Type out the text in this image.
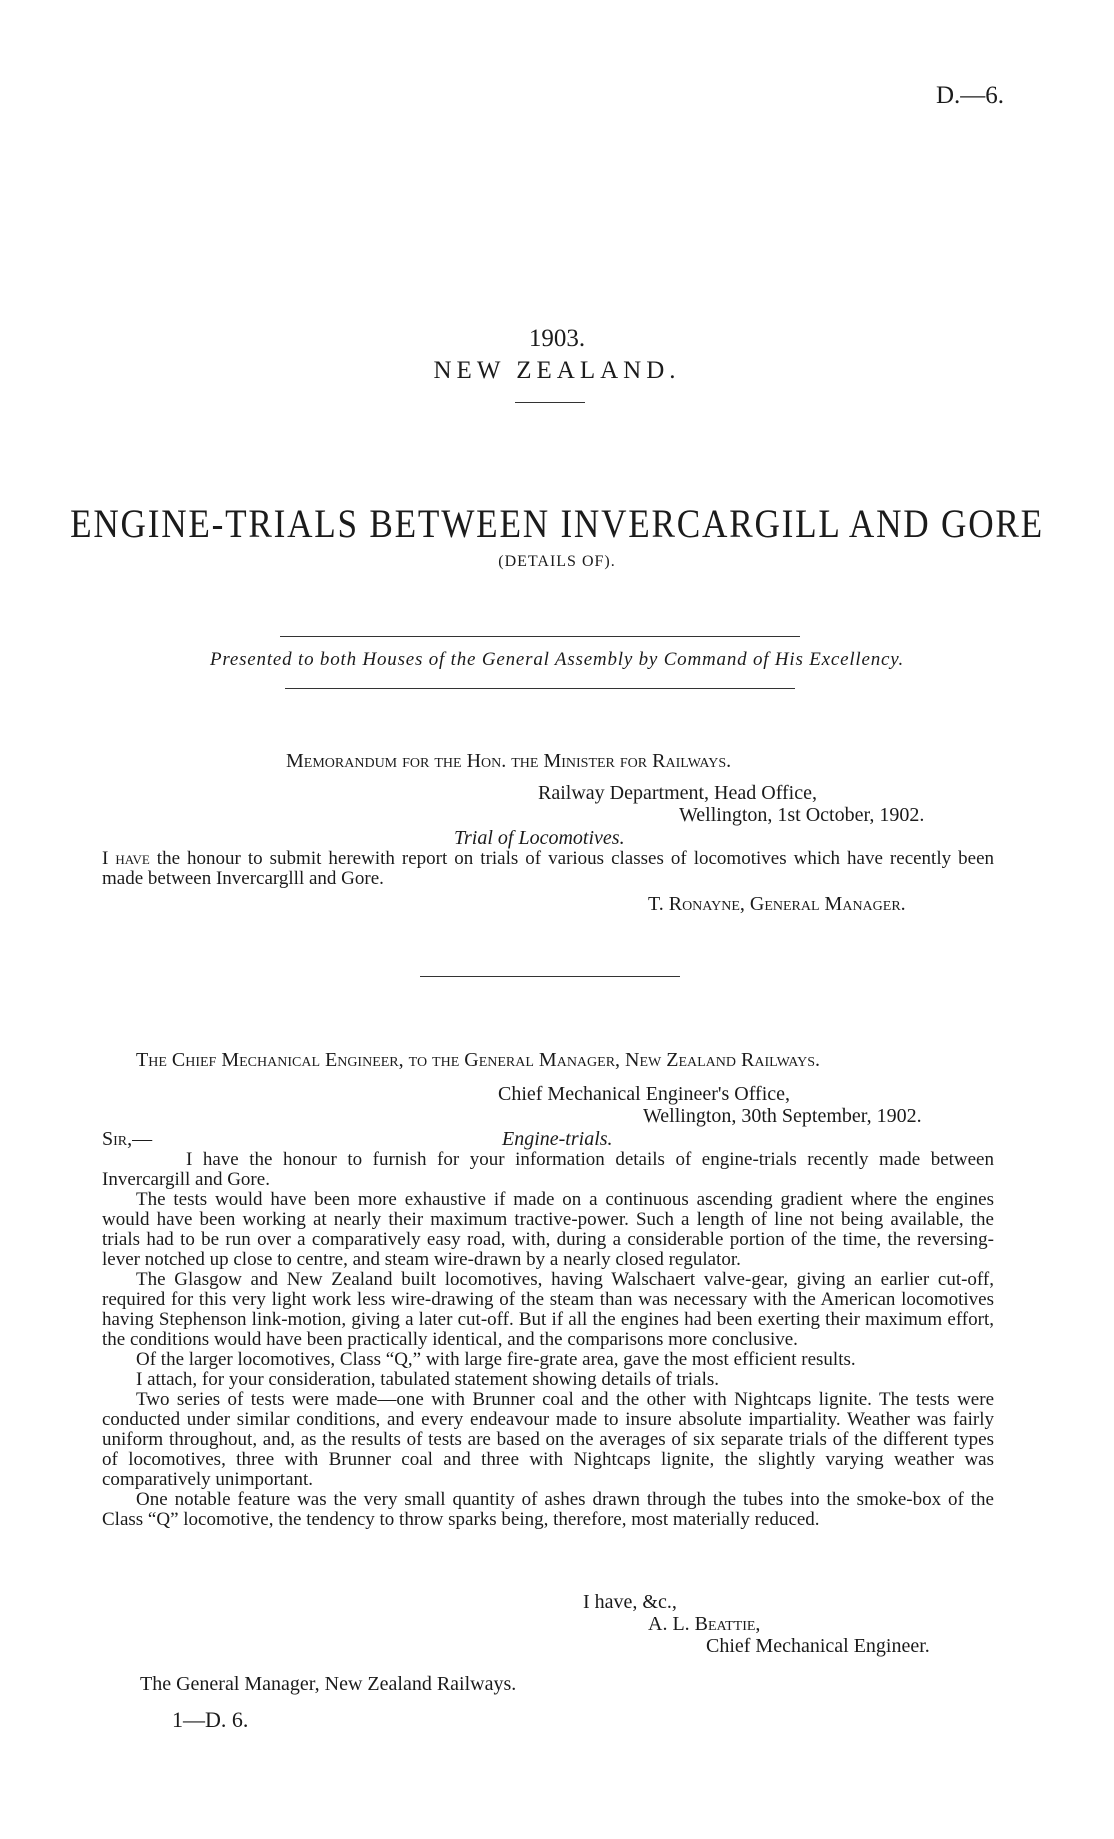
D.—6.
1903.
NEW ZEALAND.
ENGINE-TRIALS BETWEEN INVERCARGILL AND GORE
(DETAILS OF).
Presented to both Houses of the General Assembly by Command of His Excellency.
Memorandum for the Hon. the Minister for Railways.
Railway Department, Head Office,
Wellington, 1st October, 1902.
Trial of Locomotives.

I have the honour to submit herewith report on trials of various classes of locomotives which have recently been made between Invercarglll and Gore.

T. Ronayne, General Manager.
The Chief Mechanical Engineer, to the General Manager, New Zealand Railways.
Chief Mechanical Engineer's Office,
Wellington, 30th September, 1902.
Sir,—	Engine-trials.

I have the honour to furnish for your information details of engine-trials recently made between Invercargill and Gore.

The tests would have been more exhaustive if made on a continuous ascending gradient where the engines would have been working at nearly their maximum tractive-power. Such a length of line not being available, the trials had to be run over a comparatively easy road, with, during a considerable portion of the time, the reversing-lever notched up close to centre, and steam wire-drawn by a nearly closed regulator.

The Glasgow and New Zealand built locomotives, having Walschaert valve-gear, giving an earlier cut-off, required for this very light work less wire-drawing of the steam than was necessary with the American locomotives having Stephenson link-motion, giving a later cut-off. But if all the engines had been exerting their maximum effort, the conditions would have been practically identical, and the comparisons more conclusive.

Of the larger locomotives, Class “Q,” with large fire-grate area, gave the most efficient results.

I attach, for your consideration, tabulated statement showing details of trials.

Two series of tests were made—one with Brunner coal and the other with Nightcaps lignite. The tests were conducted under similar conditions, and every endeavour made to insure absolute impartiality. Weather was fairly uniform throughout, and, as the results of tests are based on the averages of six separate trials of the different types of locomotives, three with Brunner coal and three with Nightcaps lignite, the slightly varying weather was comparatively unimportant.

One notable feature was the very small quantity of ashes drawn through the tubes into the smoke-box of the Class “Q” locomotive, the tendency to throw sparks being, therefore, most materially reduced.

I have, &c.,
A. L. Beattie,
Chief Mechanical Engineer.
The General Manager, New Zealand Railways.
1—D. 6.
